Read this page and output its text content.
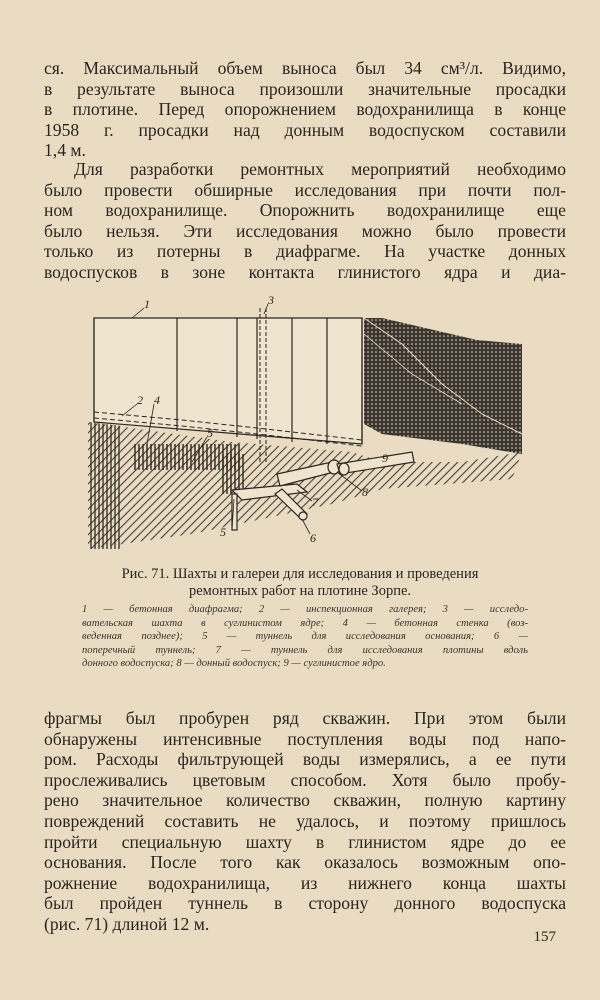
ся. Максимальный объем выноса был 34 см³/л. Видимо,
в результате выноса произошли значительные просадки
в плотине. Перед опорожнением водохранилища в конце
1958 г. просадки над донным водоспуском составили
1,4 м.

Для разработки ремонтных мероприятий необходимо
было провести обширные исследования при почти пол-
ном водохранилище. Опорожнить водохранилище еще
было нельзя. Эти исследования можно было провести
только из потерны в диафрагме. На участке донных
водоспусков в зоне контакта глинистого ядра и диа-

1	3
2 4
5
9
7
8
5	6

Рис. 71. Шахты и галереи для исследования и проведения
ремонтных работ на плотине Зорпе.

1 — бетонная диафрагма; 2 — инспекционная галерея; 3 — исследо-
вательская шахта в суглинистом ядре; 4 — бетонная стенка (воз-
веденная позднее); 5 — туннель для исследования основания; 6 —
поперечный туннель; 7 — туннель для исследования плотины вдоль
донного водоспуска; 8 — донный водоспуск; 9 — суглинистое ядро.

фрагмы был пробурен ряд скважин. При этом были
обнаружены интенсивные поступления воды под напо-
ром. Расходы фильтрующей воды измерялись, а ее пути
прослеживались цветовым способом. Хотя было пробу-
рено значительное количество скважин, полную картину
повреждений составить не удалось, и поэтому пришлось
пройти специальную шахту в глинистом ядре до ее
основания. После того как оказалось возможным опо-
рожнение водохранилища, из нижнего конца шахты
был пройден туннель в сторону донного водоспуска
(рис. 71) длиной 12 м.

157
